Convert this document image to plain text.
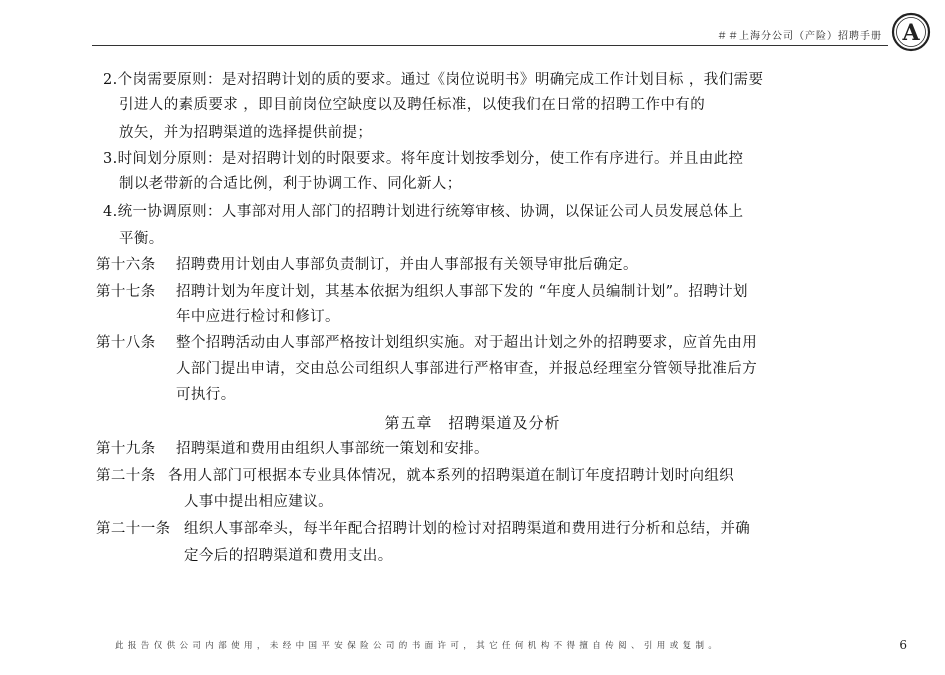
＃＃上海分公司（产险）招聘手册 A
2.个岗需要原则：是对招聘计划的质的要求。通过《岗位说明书》明确完成工作计划目标 ，我们需要
引进人的素质要求 ，即目前岗位空缺度以及聘任标准，以使我们在日常的招聘工作中有的
放矢，并为招聘渠道的选择提供前提；
3.时间划分原则：是对招聘计划的时限要求。将年度计划按季划分，使工作有序进行。并且由此控
制以老带新的合适比例，利于协调工作、同化新人；
4.统一协调原则：人事部对用人部门的招聘计划进行统筹审核、协调，以保证公司人员发展总体上
平衡。
第十六条 招聘费用计划由人事部负责制订，并由人事部报有关领导审批后确定。
第十七条 招聘计划为年度计划，其基本依据为组织人事部下发的 “年度人员编制计划”。招聘计划
年中应进行检讨和修订。
第十八条 整个招聘活动由人事部严格按计划组织实施。对于超出计划之外的招聘要求，应首先由用
人部门提出申请，交由总公司组织人事部进行严格审查，并报总经理室分管领导批准后方
可执行。
第五章　招聘渠道及分析
第十九条 招聘渠道和费用由组织人事部统一策划和安排。
第二十条 各用人部门可根据本专业具体情况，就本系列的招聘渠道在制订年度招聘计划时向组织
人事中提出相应建议。
第二十一条 组织人事部牵头，每半年配合招聘计划的检讨对招聘渠道和费用进行分析和总结，并确
定今后的招聘渠道和费用支出。
此报告仅供公司内部使用，未经中国平安保险公司的书面许可，其它任何机构不得擅自传阅、引用或复制。	6
